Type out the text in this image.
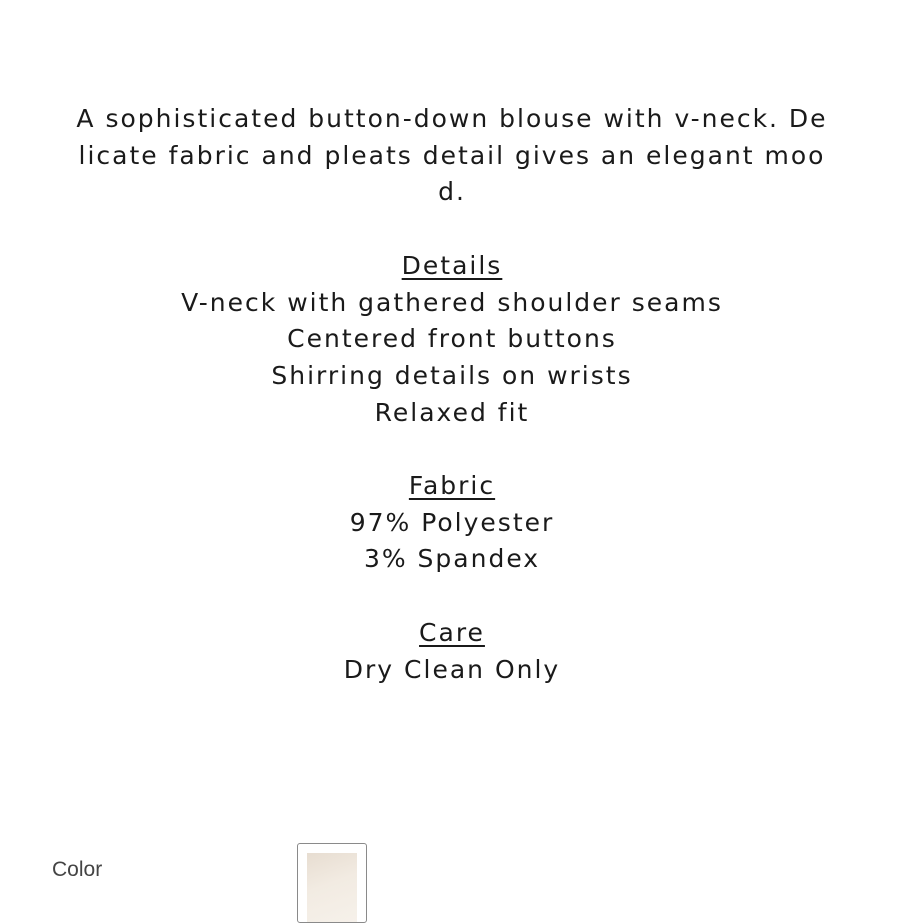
A sophisticated button-down blouse with v-neck. De
licate fabric and pleats detail gives an elegant moo
d.
Details
V-neck with gathered shoulder seams
Centered front buttons
Shirring details on wrists
Relaxed fit
Fabric
97% Polyester
3% Spandex
Care
Dry Clean Only
Color
